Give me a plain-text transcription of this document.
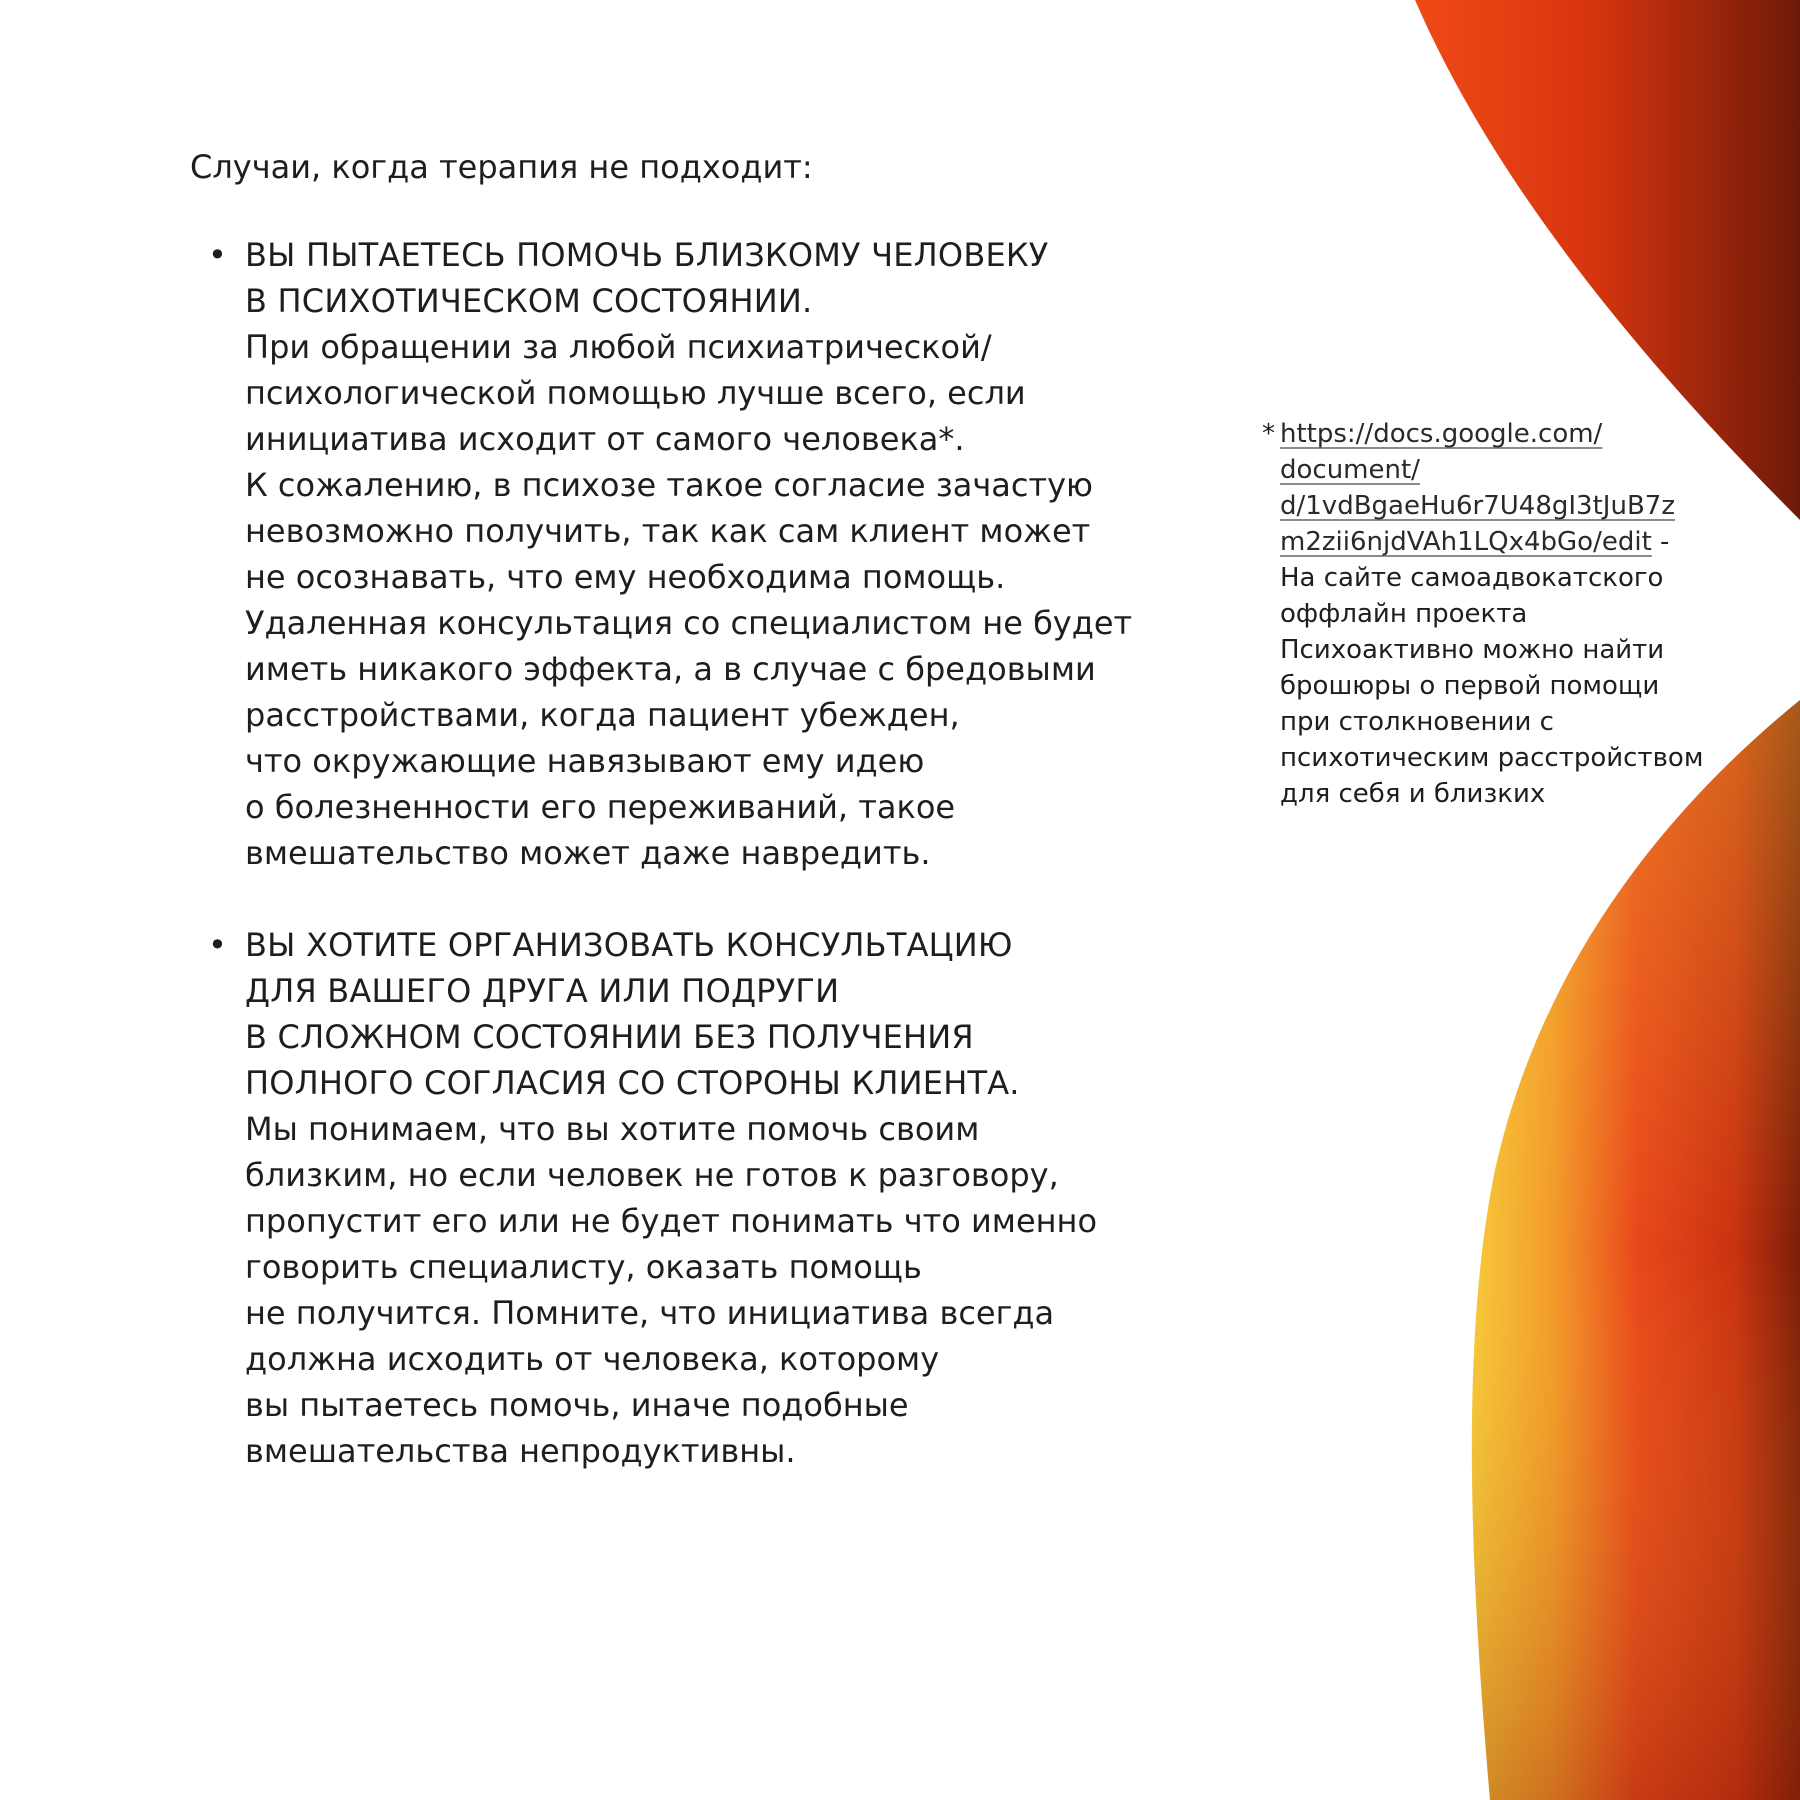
Случаи, когда терапия не подходит:

• ВЫ ПЫТАЕТЕСЬ ПОМОЧЬ БЛИЗКОМУ ЧЕЛОВЕКУ
В ПСИХОТИЧЕСКОМ СОСТОЯНИИ.

При обращении за любой психиатрической/
психологической помощью лучше всего, если
инициатива исходит от самого человека*.
К сожалению, в психозе такое согласие зачастую
невозможно получить, так как сам клиент может
не осознавать, что ему необходима помощь.
Удаленная консультация со специалистом не будет
иметь никакого эффекта, а в случае с бредовыми
расстройствами, когда пациент убежден,
что окружающие навязывают ему идею
о болезненности его переживаний, такое
вмешательство может даже навредить.

• ВЫ ХОТИТЕ ОРГАНИЗОВАТЬ КОНСУЛЬТАЦИЮ
ДЛЯ ВАШЕГО ДРУГА ИЛИ ПОДРУГИ
В СЛОЖНОМ СОСТОЯНИИ БЕЗ ПОЛУЧЕНИЯ
ПОЛНОГО СОГЛАСИЯ СО СТОРОНЫ КЛИЕНТА.

Мы понимаем, что вы хотите помочь своим
близким, но если человек не готов к разговору,
пропустит его или не будет понимать что именно
говорить специалисту, оказать помощь
не получится. Помните, что инициатива всегда
должна исходить от человека, которому
вы пытаетесь помочь, иначе подобные
вмешательства непродуктивны.

* https://docs.google.com/
document/
d/1vdBgaeHu6r7U48gI3tJuB7z
m2zii6njdVAh1LQx4bGo/edit -
На сайте самоадвокатского
оффлайн проекта
Психоактивно можно найти
брошюры о первой помощи
при столкновении с
психотическим расстройством
для себя и близких
